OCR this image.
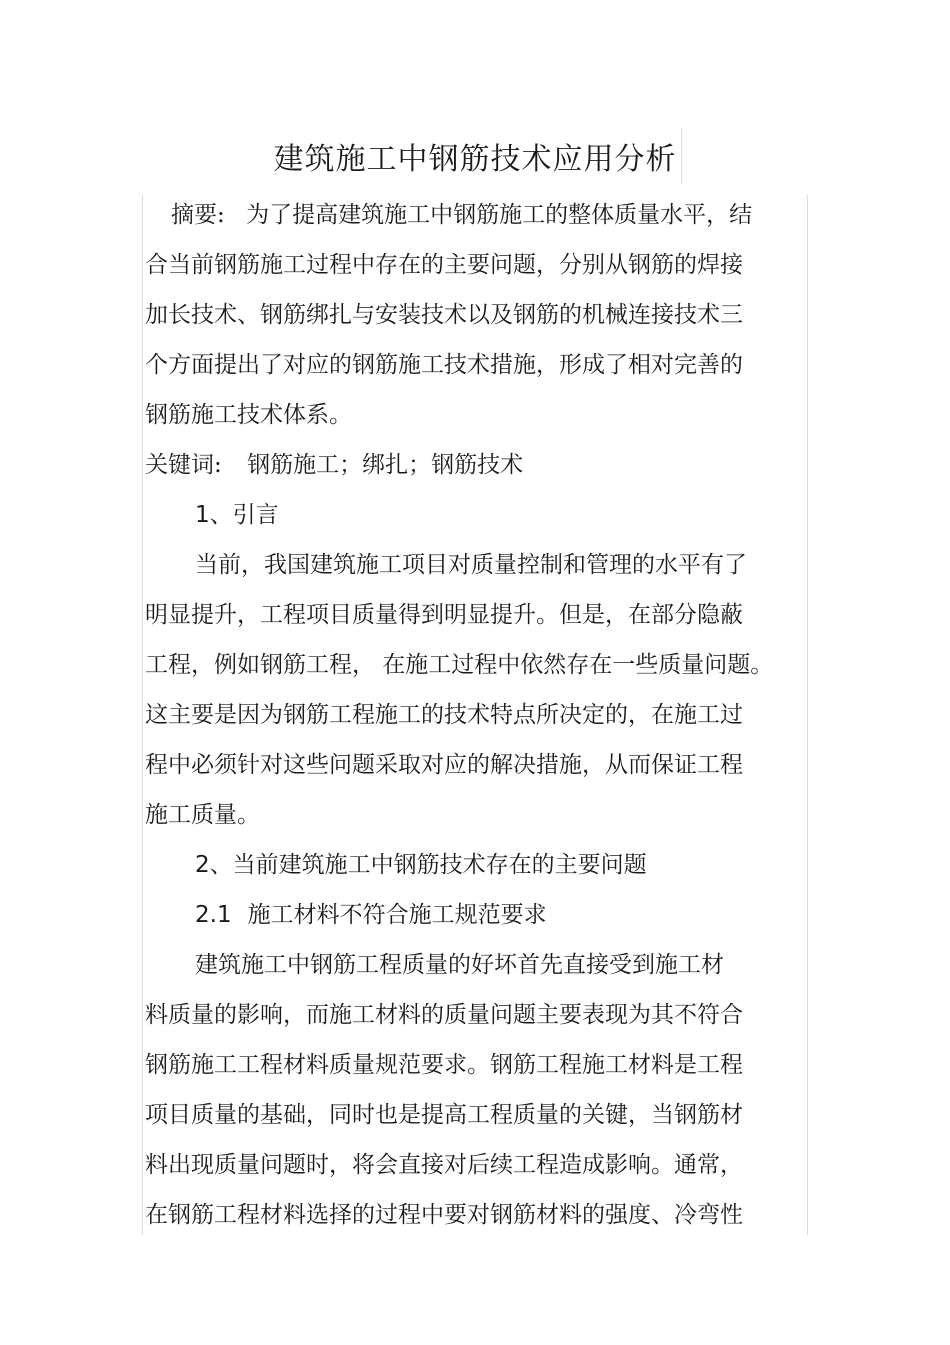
建筑施工中钢筋技术应用分析
摘要: 为了提高建筑施工中钢筋施工的整体质量水平，结
合当前钢筋施工过程中存在的主要问题，分别从钢筋的焊接
加长技术、钢筋绑扎与安装技术以及钢筋的机械连接技术三
个方面提出了对应的钢筋施工技术措施，形成了相对完善的
钢筋施工技术体系。
关键词: 钢筋施工；绑扎；钢筋技术
1、引言
当前，我国建筑施工项目对质量控制和管理的水平有了
明显提升，工程项目质量得到明显提升。但是，在部分隐蔽
工程，例如钢筋工程， 在施工过程中依然存在一些质量问题。
这主要是因为钢筋工程施工的技术特点所决定的，在施工过
程中必须针对这些问题采取对应的解决措施，从而保证工程
施工质量。
2、当前建筑施工中钢筋技术存在的主要问题
2.1 施工材料不符合施工规范要求
建筑施工中钢筋工程质量的好坏首先直接受到施工材
料质量的影响，而施工材料的质量问题主要表现为其不符合
钢筋施工工程材料质量规范要求。钢筋工程施工材料是工程
项目质量的基础，同时也是提高工程质量的关键，当钢筋材
料出现质量问题时，将会直接对后续工程造成影响。通常，
在钢筋工程材料选择的过程中要对钢筋材料的强度、冷弯性
